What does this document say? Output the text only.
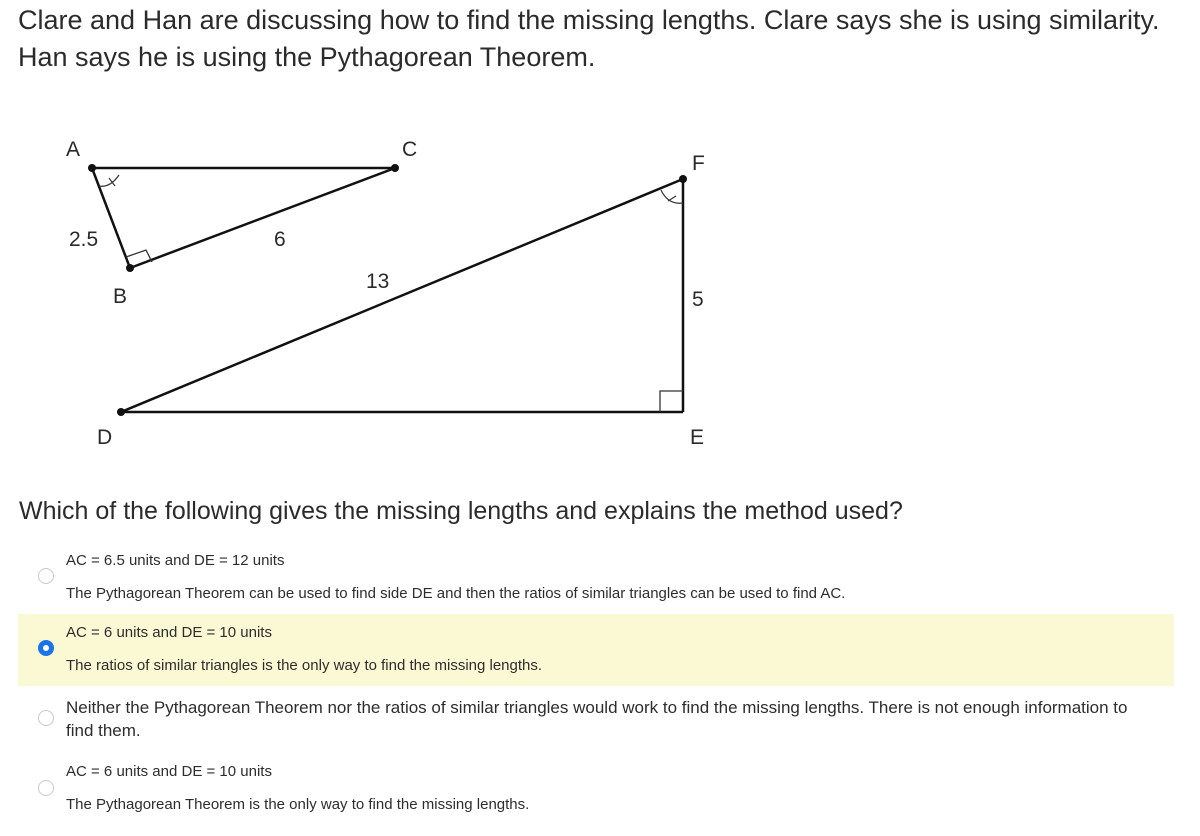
Clare and Han are discussing how to find the missing lengths. Clare says she is using similarity. Han says he is using the Pythagorean Theorem.
A
B
C
D	E
F
2.5	6
13
5
Which of the following gives the missing lengths and explains the method used?
AC = 6.5 units and DE = 12 units
The Pythagorean Theorem can be used to find side DE and then the ratios of similar triangles can be used to find AC.
AC = 6 units and DE = 10 units
The ratios of similar triangles is the only way to find the missing lengths.
Neither the Pythagorean Theorem nor the ratios of similar triangles would work to find the missing lengths. There is not enough information to find them.
AC = 6 units and DE = 10 units
The Pythagorean Theorem is the only way to find the missing lengths.
